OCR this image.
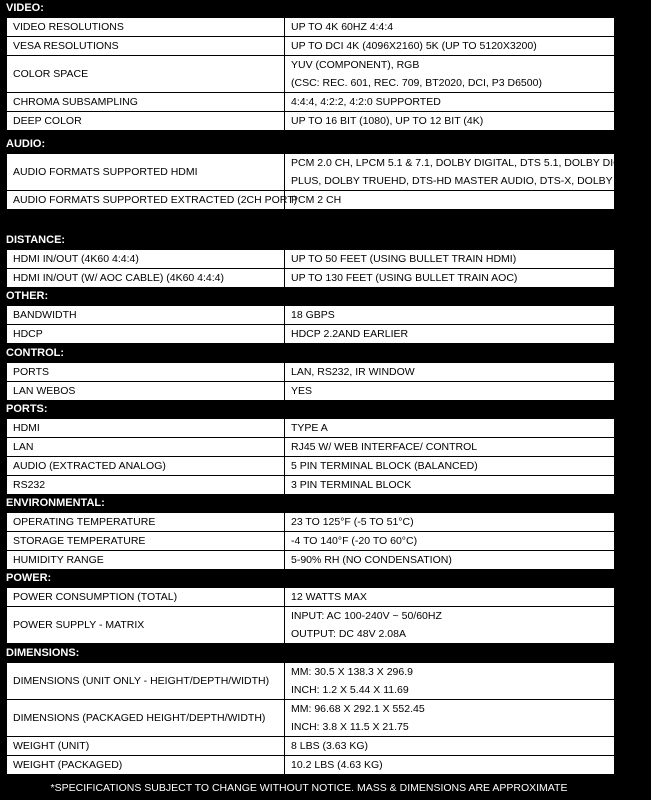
VIDEO:
VIDEO RESOLUTIONS	UP TO 4K 60HZ 4:4:4

VESA RESOLUTIONS	UP TO DCI 4K (4096X2160) 5K (UP TO 5120X3200)

COLOR SPACE	YUV (COMPONENT), RGB
(CSC: REC. 601, REC. 709, BT2020, DCI, P3 D6500)

CHROMA SUBSAMPLING	4:4:4, 4:2:2, 4:2:0 SUPPORTED

DEEP COLOR	UP TO 16 BIT (1080), UP TO 12 BIT (4K)
AUDIO:
AUDIO FORMATS SUPPORTED HDMI	PCM 2.0 CH, LPCM 5.1 & 7.1, DOLBY DIGITAL, DTS 5.1, DOLBY DIGITAL
PLUS, DOLBY TRUEHD, DTS-HD MASTER AUDIO, DTS-X, DOLBY ATMOS

AUDIO FORMATS SUPPORTED EXTRACTED (2CH PORT)	PCM 2 CH
DISTANCE:
HDMI IN/OUT (4K60 4:4:4)	UP TO 50 FEET (USING BULLET TRAIN HDMI)

HDMI IN/OUT (W/ AOC CABLE) (4K60 4:4:4)	UP TO 130 FEET (USING BULLET TRAIN AOC)
OTHER:
BANDWIDTH	18 GBPS

HDCP	HDCP 2.2AND EARLIER
CONTROL:
PORTS	LAN, RS232, IR WINDOW

LAN WEBOS	YES
PORTS:
HDMI	TYPE A

LAN	RJ45 W/ WEB INTERFACE/ CONTROL

AUDIO (EXTRACTED ANALOG)	5 PIN TERMINAL BLOCK (BALANCED)

RS232	3 PIN TERMINAL BLOCK
ENVIRONMENTAL:
OPERATING TEMPERATURE	23 TO 125°F (-5 TO 51°C)

STORAGE TEMPERATURE	-4 TO 140°F (-20 TO 60°C)

HUMIDITY RANGE	5-90% RH (NO CONDENSATION)
POWER:
POWER CONSUMPTION (TOTAL)	12 WATTS MAX

POWER SUPPLY - MATRIX	INPUT: AC 100-240V ~ 50/60HZ
OUTPUT: DC 48V 2.08A
DIMENSIONS:
DIMENSIONS (UNIT ONLY - HEIGHT/DEPTH/WIDTH)	MM: 30.5 X 138.3 X 296.9
INCH: 1.2 X 5.44 X 11.69

DIMENSIONS (PACKAGED HEIGHT/DEPTH/WIDTH)	MM: 96.68 X 292.1 X 552.45
INCH: 3.8 X 11.5 X 21.75

WEIGHT (UNIT)	8 LBS (3.63 KG)

WEIGHT (PACKAGED)	10.2 LBS (4.63 KG)
*SPECIFICATIONS SUBJECT TO CHANGE WITHOUT NOTICE. MASS & DIMENSIONS ARE APPROXIMATE
